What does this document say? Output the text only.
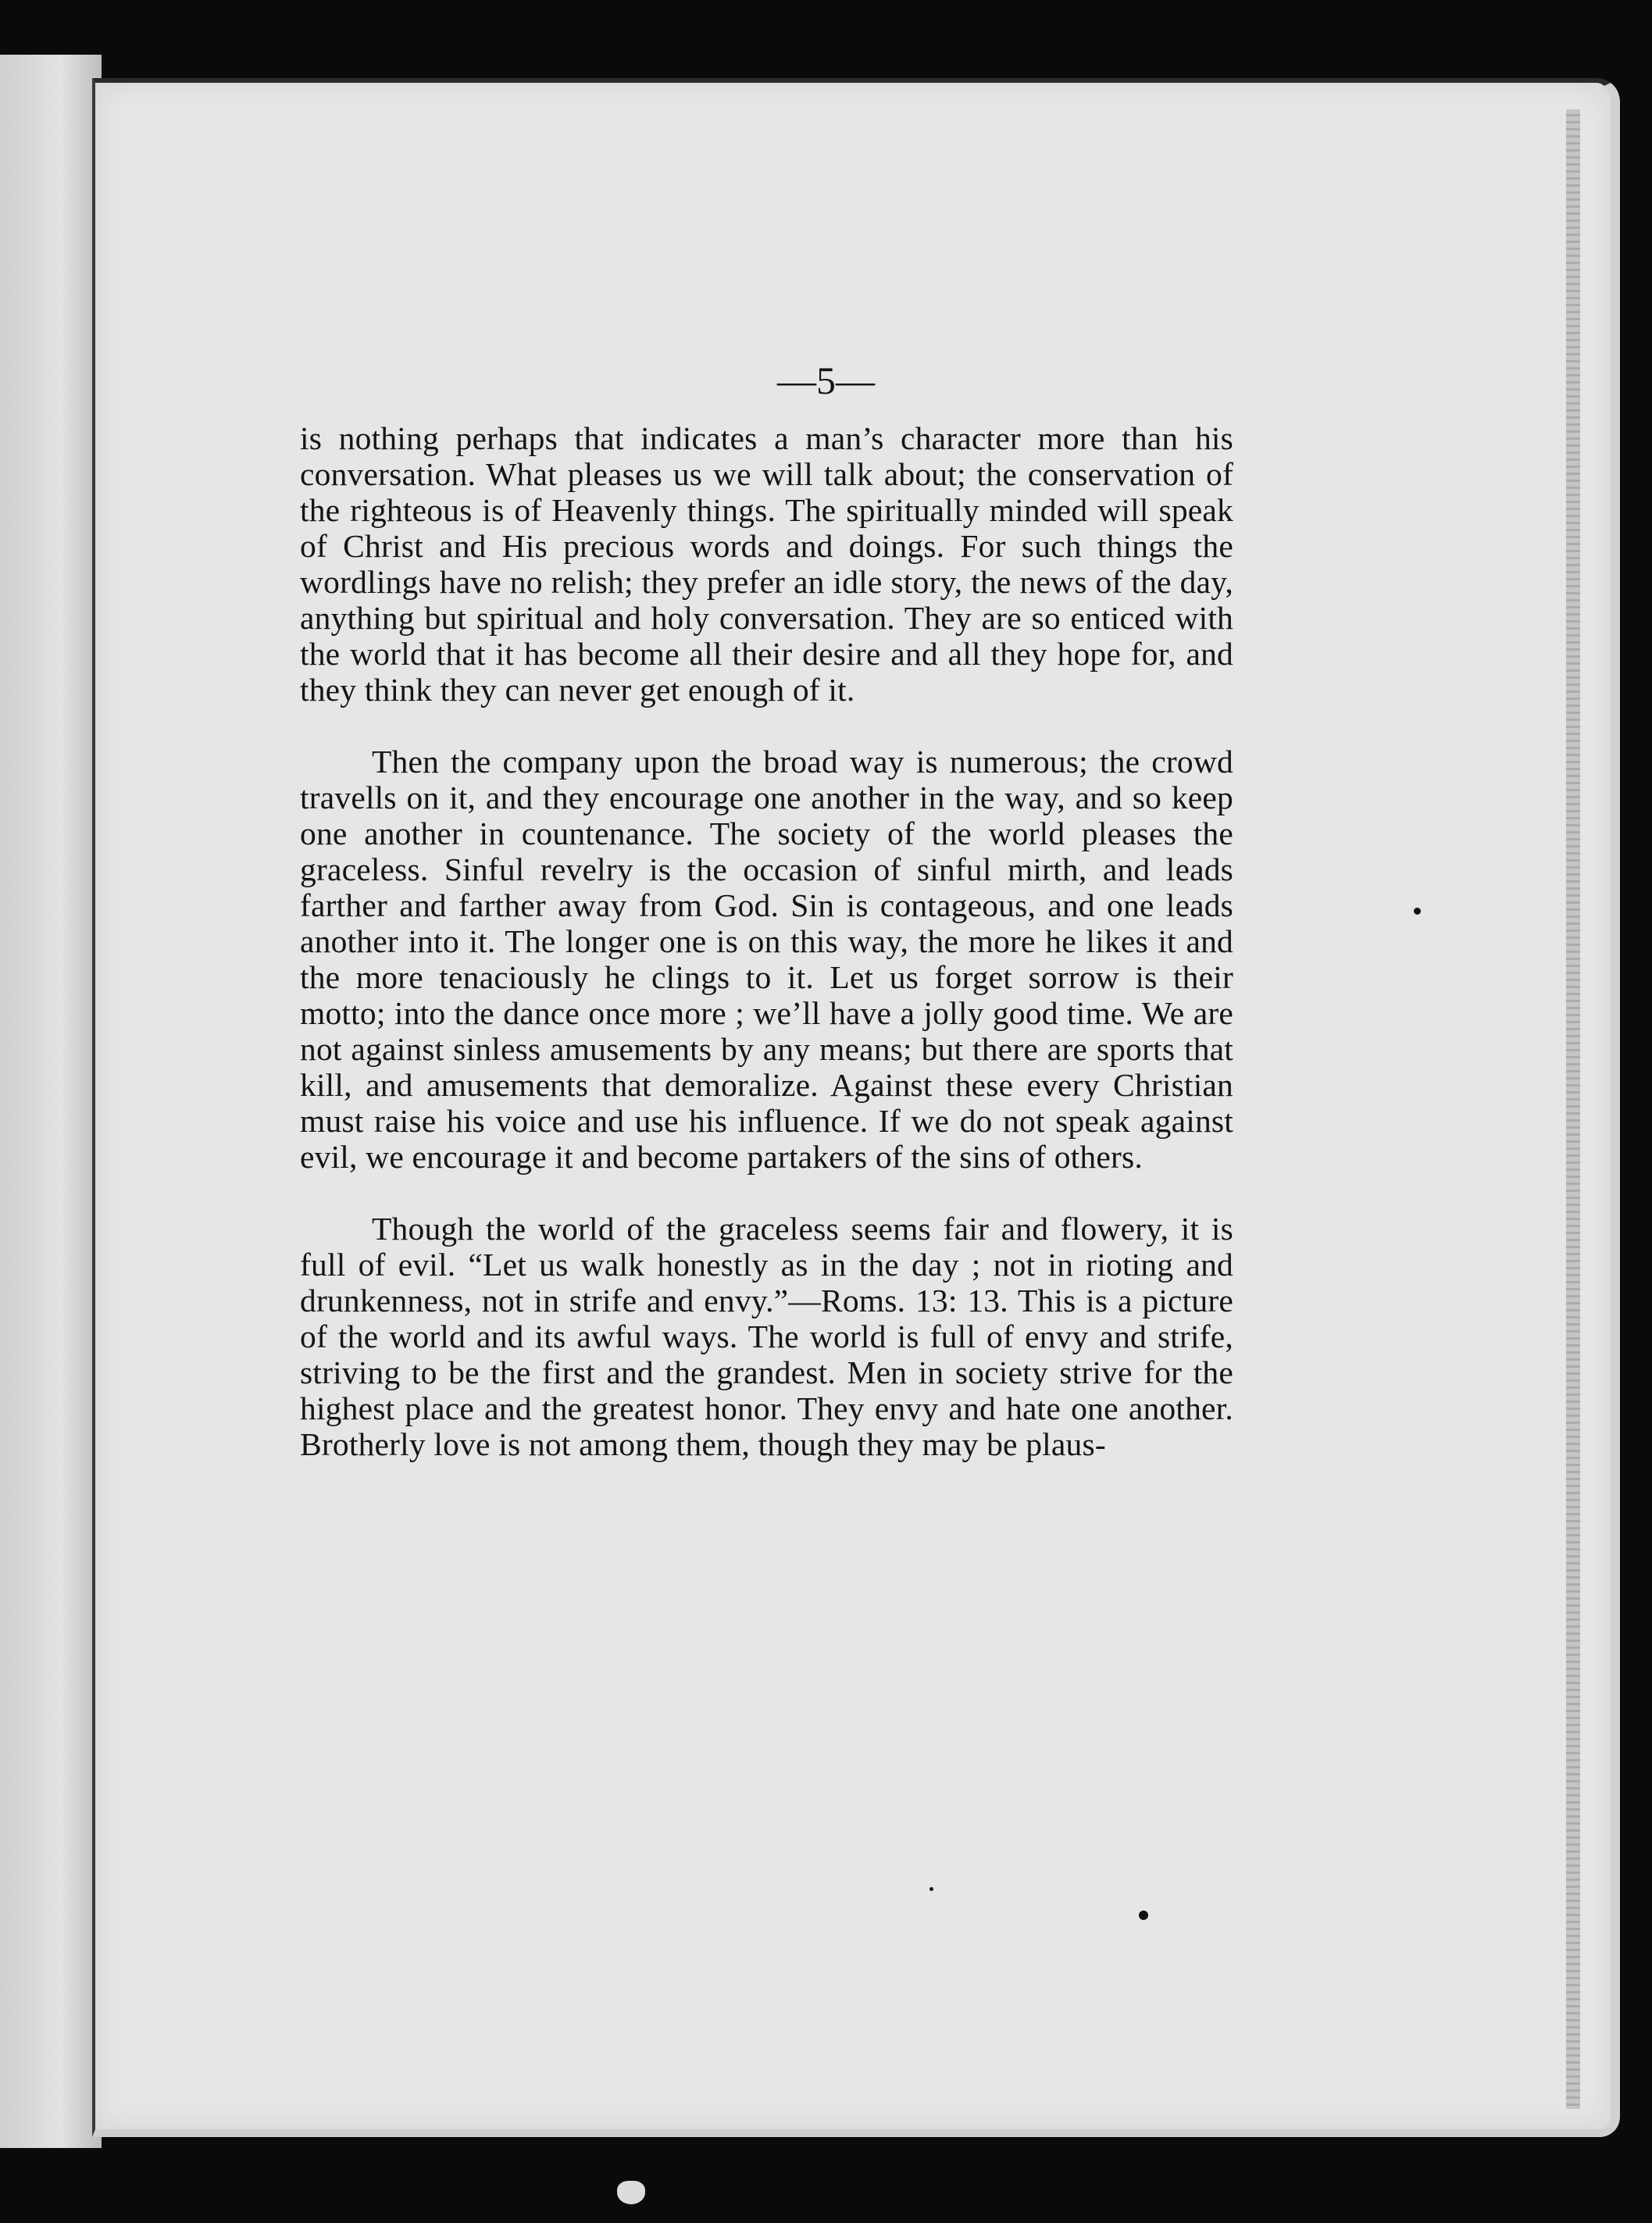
—5—

is nothing perhaps that indicates a man’s character more than his conversation. What pleases us we will talk about; the conservation of the righteous is of Heavenly things. The spiritually minded will speak of Christ and His precious words and doings. For such things the wordlings have no relish; they prefer an idle story, the news of the day, anything but spiritual and holy conversation. They are so enticed with the world that it has become all their desire and all they hope for, and they think they can never get enough of it.

Then the company upon the broad way is numerous; the crowd travells on it, and they encourage one another in the way, and so keep one another in countenance. The society of the world pleases the graceless. Sinful revelry is the occasion of sinful mirth, and leads farther and farther away from God. Sin is contageous, and one leads another into it. The longer one is on this way, the more he likes it and the more tenaciously he clings to it. Let us forget sorrow is their motto; into the dance once more ; we’ll have a jolly good time. We are not against sinless amusements by any means; but there are sports that kill, and amusements that demoralize. Against these every Christian must raise his voice and use his influence. If we do not speak against evil, we encourage it and become partakers of the sins of others.

Though the world of the graceless seems fair and flowery, it is full of evil. “Let us walk honestly as in the day ; not in rioting and drunkenness, not in strife and envy.”—Roms. 13: 13. This is a picture of the world and its awful ways. The world is full of envy and strife, striving to be the first and the grandest. Men in society strive for the highest place and the greatest honor. They envy and hate one another. Brotherly love is not among them, though they may be plaus-
